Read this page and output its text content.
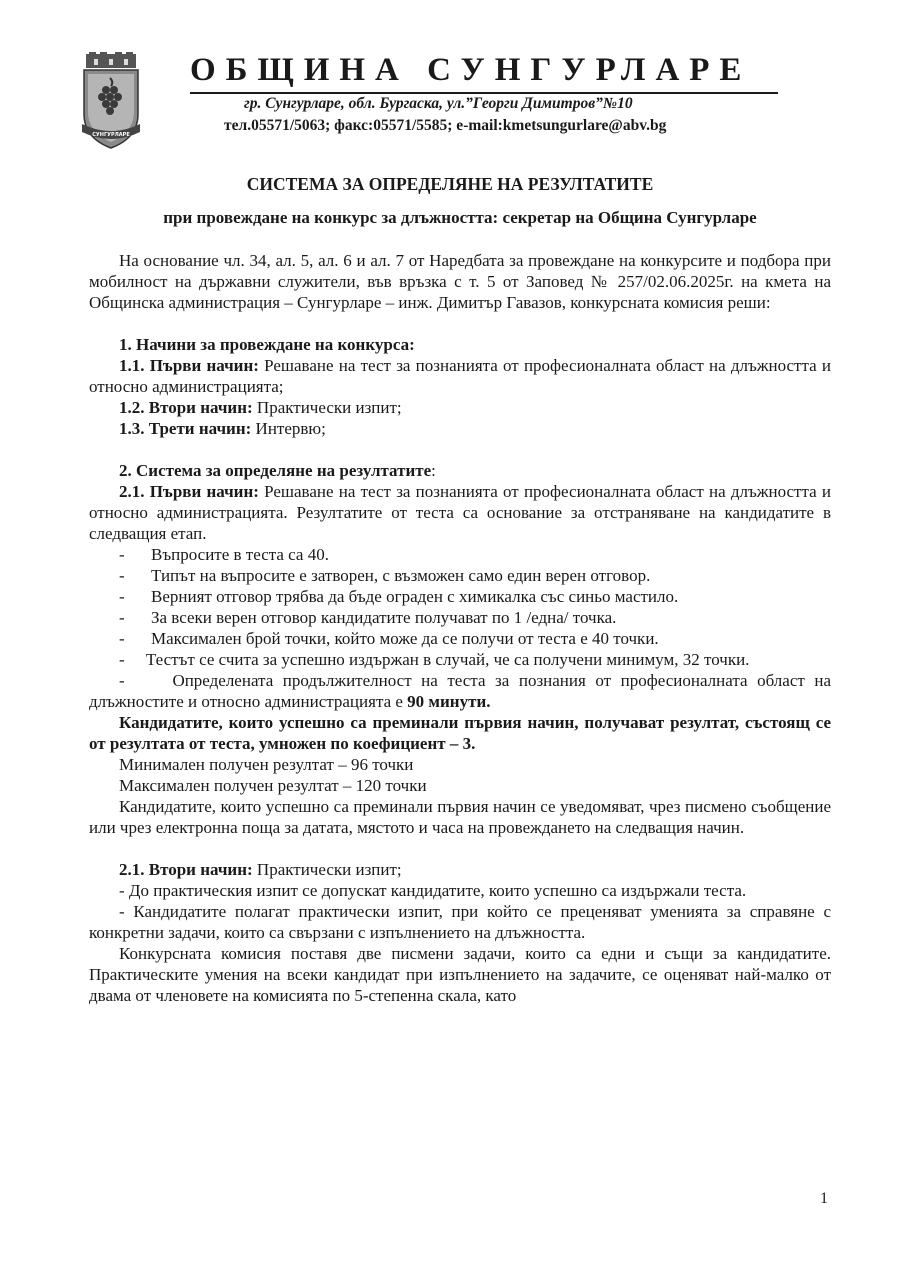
СУНГУРЛАРЕ
ОБЩИНА СУНГУРЛАРЕ
гр. Сунгурларе, обл. Бургаска, ул.”Георги Димитров”№10
тел.05571/5063; факс:05571/5585; e-mail:kmetsungurlare@abv.bg
СИСТЕМА ЗА ОПРЕДЕЛЯНЕ НА РЕЗУЛТАТИТЕ
при провеждане на конкурс за длъжността: секретар на Община Сунгурларе

На основание чл. 34, ал. 5, ал. 6 и ал. 7 от Наредбата за провеждане на конкурсите и подбора при мобилност на държавни служители, във връзка с т. 5 от Заповед № 257/02.06.2025г. на кмета на Общинска администрация – Сунгурларе – инж. Димитър Гавазов, конкурсната комисия реши:

1. Начини за провеждане на конкурса:

1.1. Първи начин: Решаване на тест за познанията от професионалната област на длъжността и относно администрацията;

1.2. Втори начин: Практически изпит;

1.3. Трети начин: Интервю;

2. Система за определяне на резултатите:

2.1. Първи начин: Решаване на тест за познанията от професионалната област на длъжността и относно администрацията. Резултатите от теста са основание за отстраняване на кандидатите в следващия етап.

-	Въпросите в теста са 40.
-	Типът на въпросите е затворен, с възможен само един верен отговор.
-	Верният отговор трябва да бъде ограден с химикалка със синьо мастило.
-	За всеки верен отговор кандидатите получават по 1 /една/ точка.
-	Максимален брой точки, който може да се получи от теста е 40 точки.

-     Тестът се счита за успешно издържан в случай, че са получени минимум, 32 точки.

-	Определената продължителност на теста за познания от професионалната област на длъжностите и относно администрацията е 90 минути.

Кандидатите, които успешно са преминали първия начин, получават резултат, състоящ се от резултата от теста, умножен по коефициент – 3.

Минимален получен резултат – 96 точки

Максимален получен резултат – 120 точки

Кандидатите, които успешно са преминали първия начин се уведомяват, чрез писмено съобщение или чрез електронна поща за датата, мястото и часа на провеждането на следващия начин.

2.1. Втори начин: Практически изпит;

- До практическия изпит се допускат кандидатите, които успешно са издържали теста.

- Кандидатите полагат практически изпит, при който се преценяват уменията за справяне с конкретни задачи, които са свързани с изпълнението на длъжността.

Конкурсната комисия поставя две писмени задачи, които са едни и същи за кандидатите. Практическите умения на всеки кандидат при изпълнението на задачите, се оценяват най-малко от двама от членовете на комисията по 5-степенна скала, като

1
